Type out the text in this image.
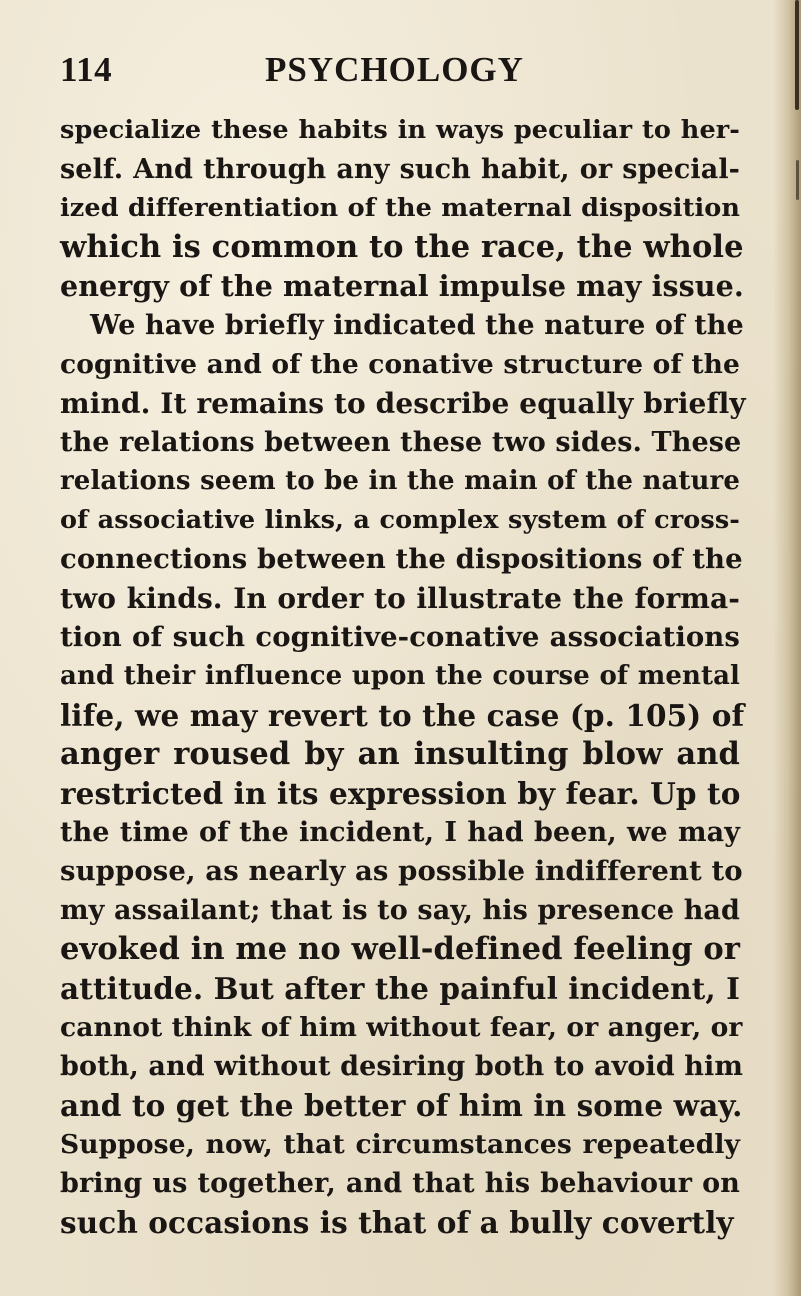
114	PSYCHOLOGY
specialize these habits in ways peculiar to her-
self. And through any such habit, or special-
ized differentiation of the maternal disposition
which is common to the race, the whole
energy of the maternal impulse may issue.
We have briefly indicated the nature of the
cognitive and of the conative structure of the
mind. It remains to describe equally briefly
the relations between these two sides. These
relations seem to be in the main of the nature
of associative links, a complex system of cross-
connections between the dispositions of the
two kinds. In order to illustrate the forma-
tion of such cognitive-conative associations
and their influence upon the course of mental
life, we may revert to the case (p. 105) of
anger roused by an insulting blow and
restricted in its expression by fear. Up to
the time of the incident, I had been, we may
suppose, as nearly as possible indifferent to
my assailant; that is to say, his presence had
evoked in me no well-defined feeling or
attitude. But after the painful incident, I
cannot think of him without fear, or anger, or
both, and without desiring both to avoid him
and to get the better of him in some way.
Suppose, now, that circumstances repeatedly
bring us together, and that his behaviour on
such occasions is that of a bully covertly
